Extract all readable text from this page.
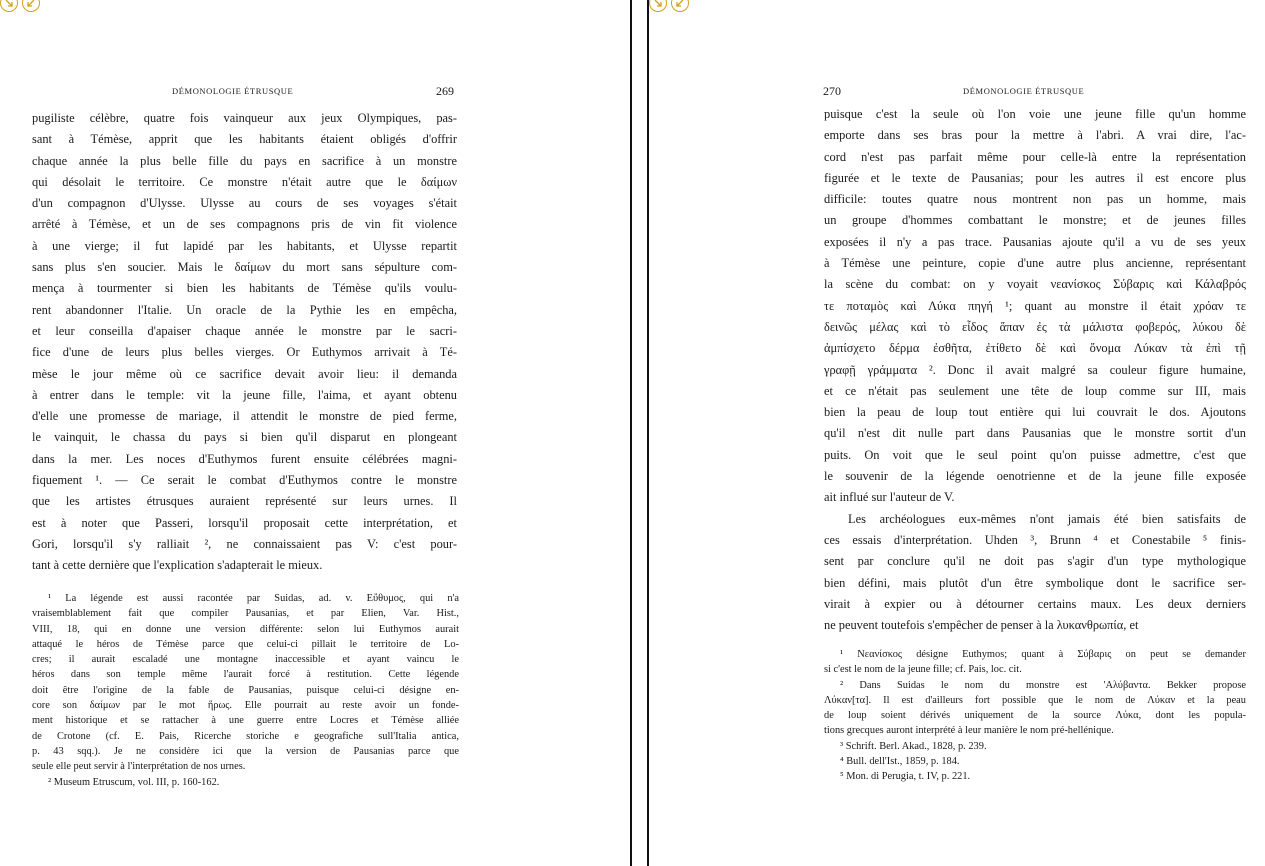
DÉMONOLOGIE ÉTRUSQUE	269
pugiliste célèbre, quatre fois vainqueur aux jeux Olympiques, pas-
sant à Témèse, apprit que les habitants étaient obligés d'offrir
chaque année la plus belle fille du pays en sacrifice à un monstre
qui désolait le territoire. Ce monstre n'était autre que le δαίμων
d'un compagnon d'Ulysse. Ulysse au cours de ses voyages s'était
arrêté à Témèse, et un de ses compagnons pris de vin fit violence
à une vierge; il fut lapidé par les habitants, et Ulysse repartit
sans plus s'en soucier. Mais le δαίμων du mort sans sépulture com-
mença à tourmenter si bien les habitants de Témèse qu'ils voulu-
rent abandonner l'Italie. Un oracle de la Pythie les en empêcha,
et leur conseilla d'apaiser chaque année le monstre par le sacri-
fice d'une de leurs plus belles vierges. Or Euthymos arrivait à Té-
mèse le jour même où ce sacrifice devait avoir lieu: il demanda
à entrer dans le temple: vit la jeune fille, l'aima, et ayant obtenu
d'elle une promesse de mariage, il attendit le monstre de pied ferme,
le vainquit, le chassa du pays si bien qu'il disparut en plongeant
dans la mer. Les noces d'Euthymos furent ensuite célébrées magni-
fiquement ¹. — Ce serait le combat d'Euthymos contre le monstre
que les artistes étrusques auraient représenté sur leurs urnes. Il
est à noter que Passeri, lorsqu'il proposait cette interprétation, et
Gori, lorsqu'il s'y ralliait ², ne connaissaient pas V: c'est pour-
tant à cette dernière que l'explication s'adapterait le mieux.
¹ La légende est aussi racontée par Suidas, ad. v. Εὔθυμος, qui n'a
vraisemblablement fait que compiler Pausanias, et par Elien, Var. Hist.,
VIII, 18, qui en donne une version différente: selon lui Euthymos aurait
attaqué le héros de Témèse parce que celui-ci pillait le territoire de Lo-
cres; il aurait escaladé une montagne inaccessible et ayant vaincu le
héros dans son temple même l'aurait forcé à restitution. Cette légende
doit être l'origine de la fable de Pausanias, puisque celui-ci désigne en-
core son δαίμων par le mot ἥρως. Elle pourrait au reste avoir un fonde-
ment historique et se rattacher à une guerre entre Locres et Témèse alliée
de Crotone (cf. E. Pais, Ricerche storiche e geografiche sull'Italia antica,
p. 43 sqq.). Je ne considère ici que la version de Pausanias parce que
seule elle peut servir à l'interprétation de nos urnes.
² Museum Etruscum, vol. III, p. 160-162.
270	DÉMONOLOGIE ÉTRUSQUE
puisque c'est la seule où l'on voie une jeune fille qu'un homme
emporte dans ses bras pour la mettre à l'abri. A vrai dire, l'ac-
cord n'est pas parfait même pour celle-là entre la représentation
figurée et le texte de Pausanias; pour les autres il est encore plus
difficile: toutes quatre nous montrent non pas un homme, mais
un groupe d'hommes combattant le monstre; et de jeunes filles
exposées il n'y a pas trace. Pausanias ajoute qu'il a vu de ses yeux
à Témèse une peinture, copie d'une autre plus ancienne, représentant
la scène du combat: on y voyait νεανίσκος Σύβαρις καὶ Κάλαβρός
τε ποταμὸς καὶ Λύκα πηγή ¹; quant au monstre il était χρόαν τε
δεινῶς μέλας καὶ τὸ εἶδος ἅπαν ἐς τὰ μάλιστα φοβερός, λύκου δὲ
ἀμπίσχετο δέρμα ἐσθῆτα, ἐτίθετο δὲ καὶ ὄνομα Λύκαν τὰ ἐπὶ τῇ
γραφῇ γράμματα ². Donc il avait malgré sa couleur figure humaine,
et ce n'était pas seulement une tête de loup comme sur III, mais
bien la peau de loup tout entière qui lui couvrait le dos. Ajoutons
qu'il n'est dit nulle part dans Pausanias que le monstre sortit d'un
puits. On voit que le seul point qu'on puisse admettre, c'est que
le souvenir de la légende oenotrienne et de la jeune fille exposée
ait influé sur l'auteur de V.
Les archéologues eux-mêmes n'ont jamais été bien satisfaits de
ces essais d'interprétation. Uhden ³, Brunn ⁴ et Conestabile ⁵ finis-
sent par conclure qu'il ne doit pas s'agir d'un type mythologique
bien défini, mais plutôt d'un être symbolique dont le sacrifice ser-
virait à expier ou à détourner certains maux. Les deux derniers
ne peuvent toutefois s'empêcher de penser à la λυκανθρωπία, et
¹ Νεανίσκος désigne Euthymos; quant à Σύβαρις on peut se demander
si c'est le nom de la jeune fille; cf. Pais, loc. cit.
² Dans Suidas le nom du monstre est 'Αλύβαντα. Bekker propose
Λύκαν[τα]. Il est d'ailleurs fort possible que le nom de Λύκαν et la peau
de loup soient dérivés uniquement de la source Λύκα, dont les popula-
tions grecques auront interprété à leur manière le nom pré-hellénique.
³ Schrift. Berl. Akad., 1828, p. 239.
⁴ Bull. dell'Ist., 1859, p. 184.
⁵ Mon. di Perugia, t. IV, p. 221.
